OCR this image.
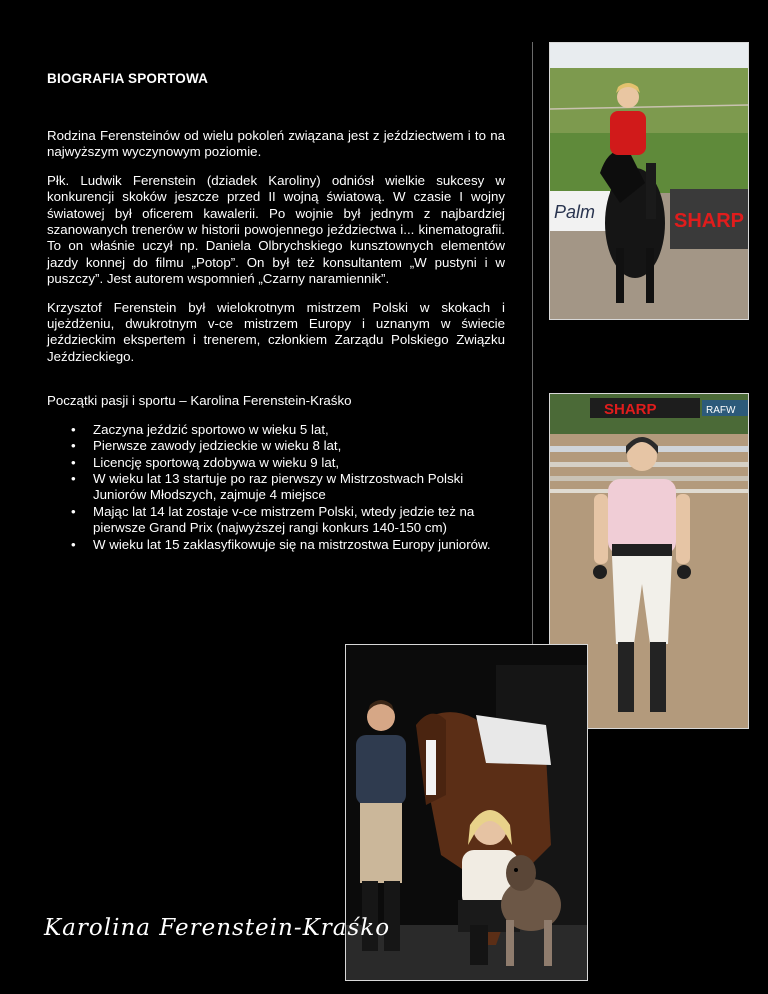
BIOGRAFIA SPORTOWA

Rodzina Ferensteinów od wielu pokoleń związana jest z jeździectwem i to na najwyższym wyczynowym poziomie.

Płk. Ludwik Ferenstein (dziadek Karoliny) odniósł wielkie sukcesy w konkurencji skoków jeszcze przed II wojną światową. W czasie I wojny światowej był oficerem kawalerii. Po wojnie był jednym z najbardziej szanowanych trenerów w historii powojennego jeździectwa i... kinematografii. To on właśnie uczył np. Daniela Olbrychskiego kunsztownych elementów jazdy konnej do filmu „Potop”. On był też konsultantem „W pustyni i w puszczy”. Jest autorem wspomnień „Czarny naramiennik”.

Krzysztof Ferenstein był wielokrotnym mistrzem Polski w skokach i ujeżdżeniu, dwukrotnym v-ce mistrzem Europy i uznanym w świecie jeździeckim ekspertem i trenerem, członkiem Zarządu Polskiego Związku Jeździeckiego.

Początki pasji i sportu – Karolina Ferenstein-Kraśko

• Zaczyna jeździć sportowo w wieku 5 lat,
• Pierwsze zawody jedzieckie w wieku 8 lat,
• Licencję sportową zdobywa w wieku 9 lat,
• W wieku lat 13 startuje po raz pierwszy w Mistrzostwach Polski Juniorów Młodszych, zajmuje 4 miejsce
• Mając lat 14 lat zostaje v-ce mistrzem Polski, wtedy jedzie też na pierwsze Grand Prix (najwyższej rangi konkurs 140-150 cm)
• W wieku lat 15 zaklasyfikowuje się na mistrzostwa Europy juniorów.
Palm	SHARP
SHARP	RAFW
Karolina Ferenstein-Kraśko
